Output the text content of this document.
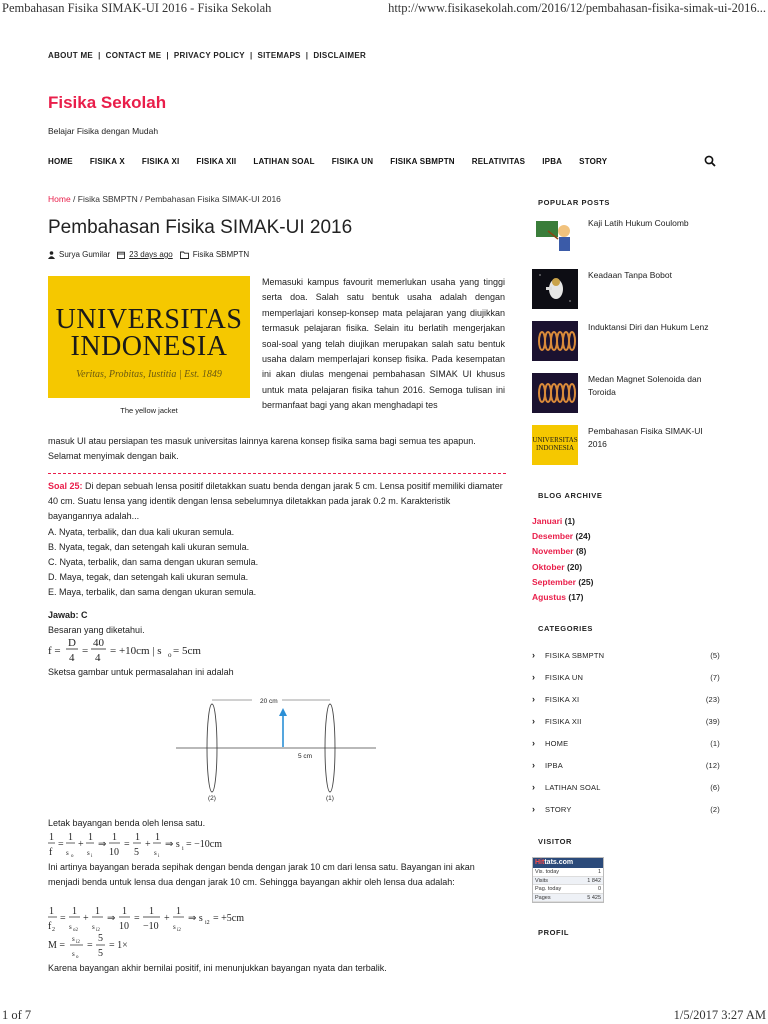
Pembahasan Fisika SIMAK-UI 2016 - Fisika Sekolah	http://www.fisikasekolah.com/2016/12/pembahasan-fisika-simak-ui-2016...
ABOUT ME | CONTACT ME | PRIVACY POLICY | SITEMAPS | DISCLAIMER
Fisika Sekolah
Belajar Fisika dengan Mudah
HOME FISIKA X FISIKA XI FISIKA XII LATIHAN SOAL FISIKA UN FISIKA SBMPTN RELATIVITAS IPBA STORY
Home / Fisika SBMPTN / Pembahasan Fisika SIMAK-UI 2016
Pembahasan Fisika SIMAK-UI 2016
Surya Gumilar 23 days ago	Fisika SBMPTN
UNIVERSITAS
INDONESIA
Veritas, Probitas, Iustitia | Est. 1849
The yellow jacket
Memasuki kampus favourit memerlukan usaha yang tinggi serta doa. Salah satu bentuk usaha adalah dengan memperlajari konsep-konsep mata pelajaran yang diujikkan termasuk pelajaran fisika. Selain itu berlatih mengerjakan soal-soal yang telah diujikan merupakan salah satu bentuk usaha dalam memperlajari konsep fisika. Pada kesempatan ini akan diulas mengenai pembahasan SIMAK UI khusus untuk mata pelajaran fisika tahun 2016. Semoga tulisan ini bermanfaat bagi yang akan menghadapi tes
masuk UI atau persiapan tes masuk universitas lainnya karena konsep fisika sama bagi semua tes apapun. Selamat menyimak dengan baik.
Soal 25: Di depan sebuah lensa positif diletakkan suatu benda dengan jarak 5 cm. Lensa positif memiliki diamater 40 cm. Suatu lensa yang identik dengan lensa sebelumnya diletakkan pada jarak 0.2 m. Karakteristik bayangannya adalah...
A. Nyata, terbalik, dan dua kali ukuran semula.
B. Nyata, tegak, dan setengah kali ukuran semula.
C. Nyata, terbalik, dan sama dengan ukuran semula.
D. Maya, tegak, dan setengah kali ukuran semula.
E. Maya, terbalik, dan sama dengan ukuran semula.
Jawab: C
Besaran yang diketahui.
f =
D
4
=
40
4
= +10cm | s o = 5cm
Sketsa gambar untuk permasalahan ini adalah
20 cm
5 cm
(2)	(1)
Letak bayangan benda oleh lensa satu.
1
f
=
1
s o
+
1
s i
⇒
1
10
=
1
5
+
1
s i
⇒ s i = −10cm
Ini artinya bayangan berada sepihak dengan benda dengan jarak 10 cm dari lensa satu. Bayangan ini akan menjadi benda untuk lensa dua dengan jarak 10 cm. Sehingga bayangan akhir oleh lensa dua adalah:
1
f 2
=
1
s o2
+
1
s i2
⇒
1
10
=
1
−10
+
1
s i2
⇒ s i2 = +5cm
M =
s i2
s o
=
5
5
= 1×
Karena bayangan akhir bernilai positif, ini menunjukkan bayangan nyata dan terbalik.
POPULAR POSTS
Kaji Latih Hukum Coulomb
Keadaan Tanpa Bobot
Induktansi Diri dan Hukum Lenz
Medan Magnet Solenoida dan Toroida
UNIVERSITAS
INDONESIA
Pembahasan Fisika SIMAK-UI 2016
BLOG ARCHIVE
Januari (1)
Desember (24)
November (8)
Oktober (20)
September (25)
Agustus (17)
CATEGORIES
› FISIKA SBMPTN	(5)
› FISIKA UN	(7)
› FISIKA XI	(23)
› FISIKA XII	(39)
› HOME	(1)
› IPBA	(12)
› LATIHAN SOAL	(6)
› STORY	(2)
VISITOR
Hittats.com
Vis. today	1
Visits	1 842
Pag. today	0
Pages	5 425
PROFIL
1 of 7	1/5/2017 3:27 AM
